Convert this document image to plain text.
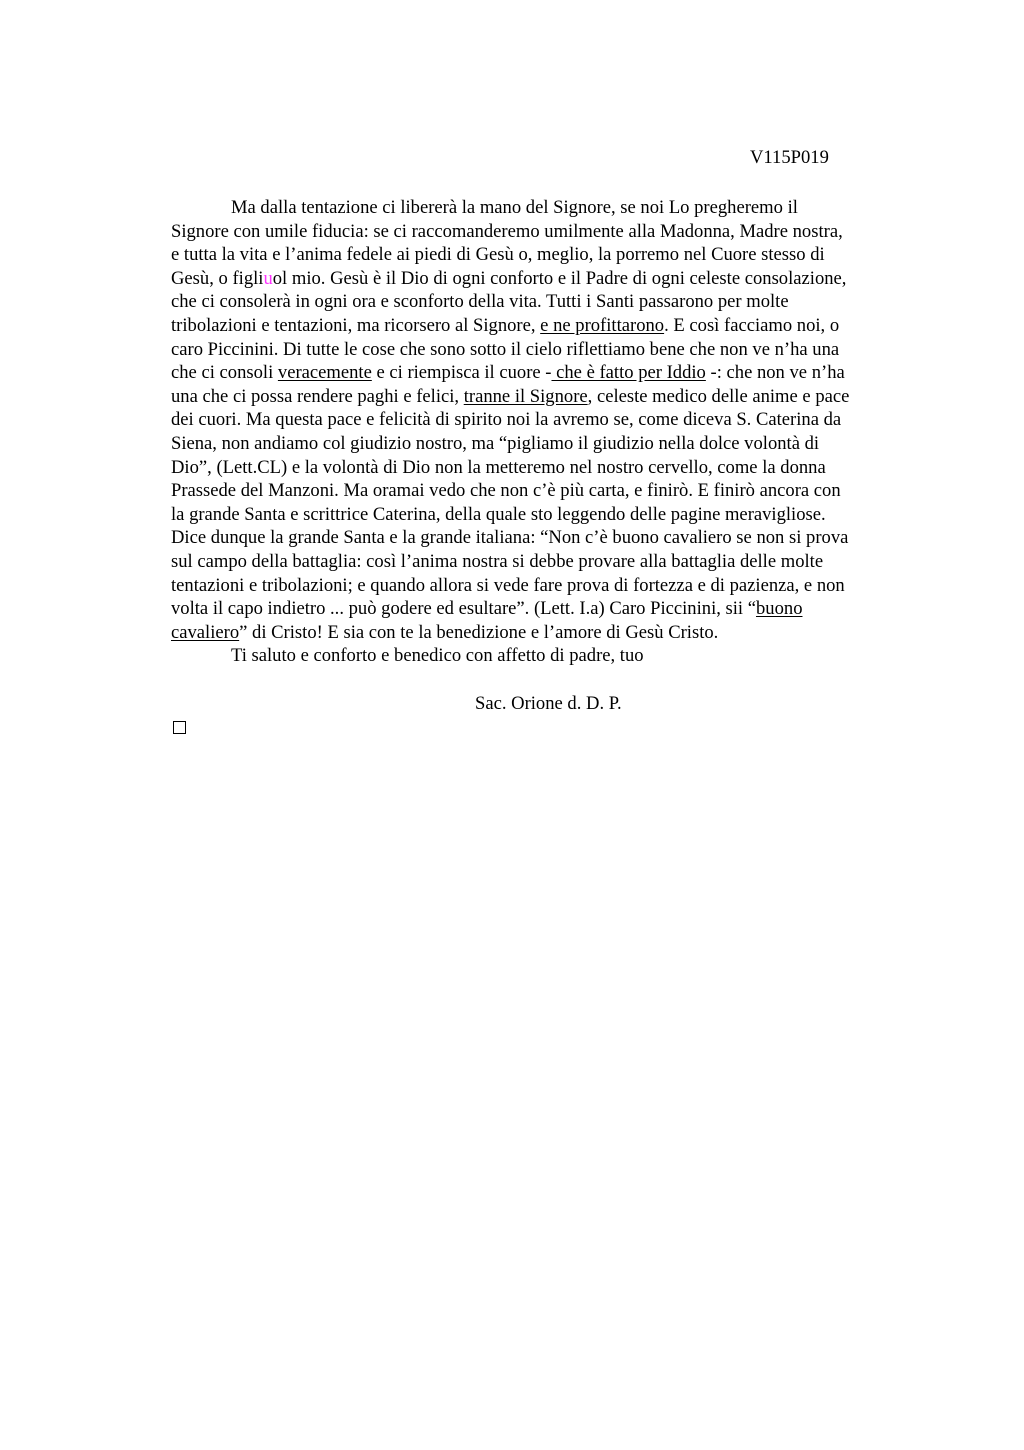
V115P019
Ma dalla tentazione ci libererà la mano del Signore, se noi Lo pregheremo il
Signore con umile fiducia: se ci raccomanderemo umilmente alla Madonna, Madre nostra,
e tutta la vita e l’anima fedele ai piedi di Gesù o, meglio, la porremo nel Cuore stesso di
Gesù, o figliuol mio. Gesù è il Dio di ogni conforto e il Padre di ogni celeste consolazione,
che ci consolerà in ogni ora e sconforto della vita. Tutti i Santi passarono per molte
tribolazioni e tentazioni, ma ricorsero al Signore, e ne profittarono. E così facciamo noi, o
caro Piccinini. Di tutte le cose che sono sotto il cielo riflettiamo bene che non ve n’ha una
che ci consoli veracemente e ci riempisca il cuore - che è fatto per Iddio -: che non ve n’ha
una che ci possa rendere paghi e felici, tranne il Signore, celeste medico delle anime e pace
dei cuori. Ma questa pace e felicità di spirito noi la avremo se, come diceva S. Caterina da
Siena, non andiamo col giudizio nostro, ma “pigliamo il giudizio nella dolce volontà di
Dio”, (Lett.CL) e la volontà di Dio non la metteremo nel nostro cervello, come la donna
Prassede del Manzoni. Ma oramai vedo che non c’è più carta, e finirò. E finirò ancora con
la grande Santa e scrittrice Caterina, della quale sto leggendo delle pagine meravigliose.
Dice dunque la grande Santa e la grande italiana: “Non c’è buono cavaliero se non si prova
sul campo della battaglia: così l’anima nostra si debbe provare alla battaglia delle molte
tentazioni e tribolazioni; e quando allora si vede fare prova di fortezza e di pazienza, e non
volta il capo indietro ... può godere ed esultare”. (Lett. I.a) Caro Piccinini, sii “buono
cavaliero” di Cristo! E sia con te la benedizione e l’amore di Gesù Cristo.
Ti saluto e conforto e benedico con affetto di padre, tuo
Sac. Orione d. D. P.
